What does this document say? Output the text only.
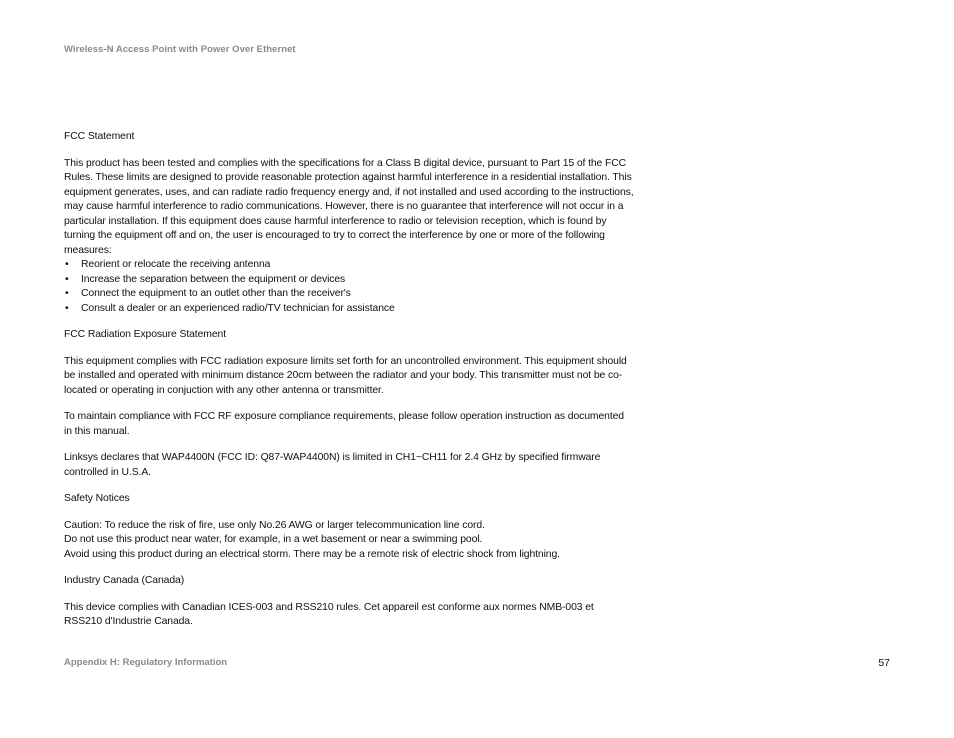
Wireless-N Access Point with Power Over Ethernet

FCC Statement

This product has been tested and complies with the specifications for a Class B digital device, pursuant to Part 15 of the FCC Rules. These limits are designed to provide reasonable protection against harmful interference in a residential installation. This equipment generates, uses, and can radiate radio frequency energy and, if not installed and used according to the instructions, may cause harmful interference to radio communications. However, there is no guarantee that interference will not occur in a particular installation. If this equipment does cause harmful interference to radio or television reception, which is found by turning the equipment off and on, the user is encouraged to try to correct the interference by one or more of the following measures:

• Reorient or relocate the receiving antenna
• Increase the separation between the equipment or devices
• Connect the equipment to an outlet other than the receiver's
• Consult a dealer or an experienced radio/TV technician for assistance

FCC Radiation Exposure Statement

This equipment complies with FCC radiation exposure limits set forth for an uncontrolled environment. This equipment should be installed and operated with minimum distance 20cm between the radiator and your body. This transmitter must not be co-located or operating in conjuction with any other antenna or transmitter.

To maintain compliance with FCC RF exposure compliance requirements, please follow operation instruction as documented in this manual.

Linksys declares that WAP4400N (FCC ID: Q87-WAP4400N) is limited in CH1~CH11 for 2.4 GHz by specified firmware controlled in U.S.A.

Safety Notices

Caution: To reduce the risk of fire, use only No.26 AWG or larger telecommunication line cord.

Do not use this product near water, for example, in a wet basement or near a swimming pool.

Avoid using this product during an electrical storm. There may be a remote risk of electric shock from lightning.

Industry Canada (Canada)

This device complies with Canadian ICES-003 and RSS210 rules. Cet appareil est conforme aux normes NMB-003 et RSS210 d'Industrie Canada.

Appendix H: Regulatory Information	57
